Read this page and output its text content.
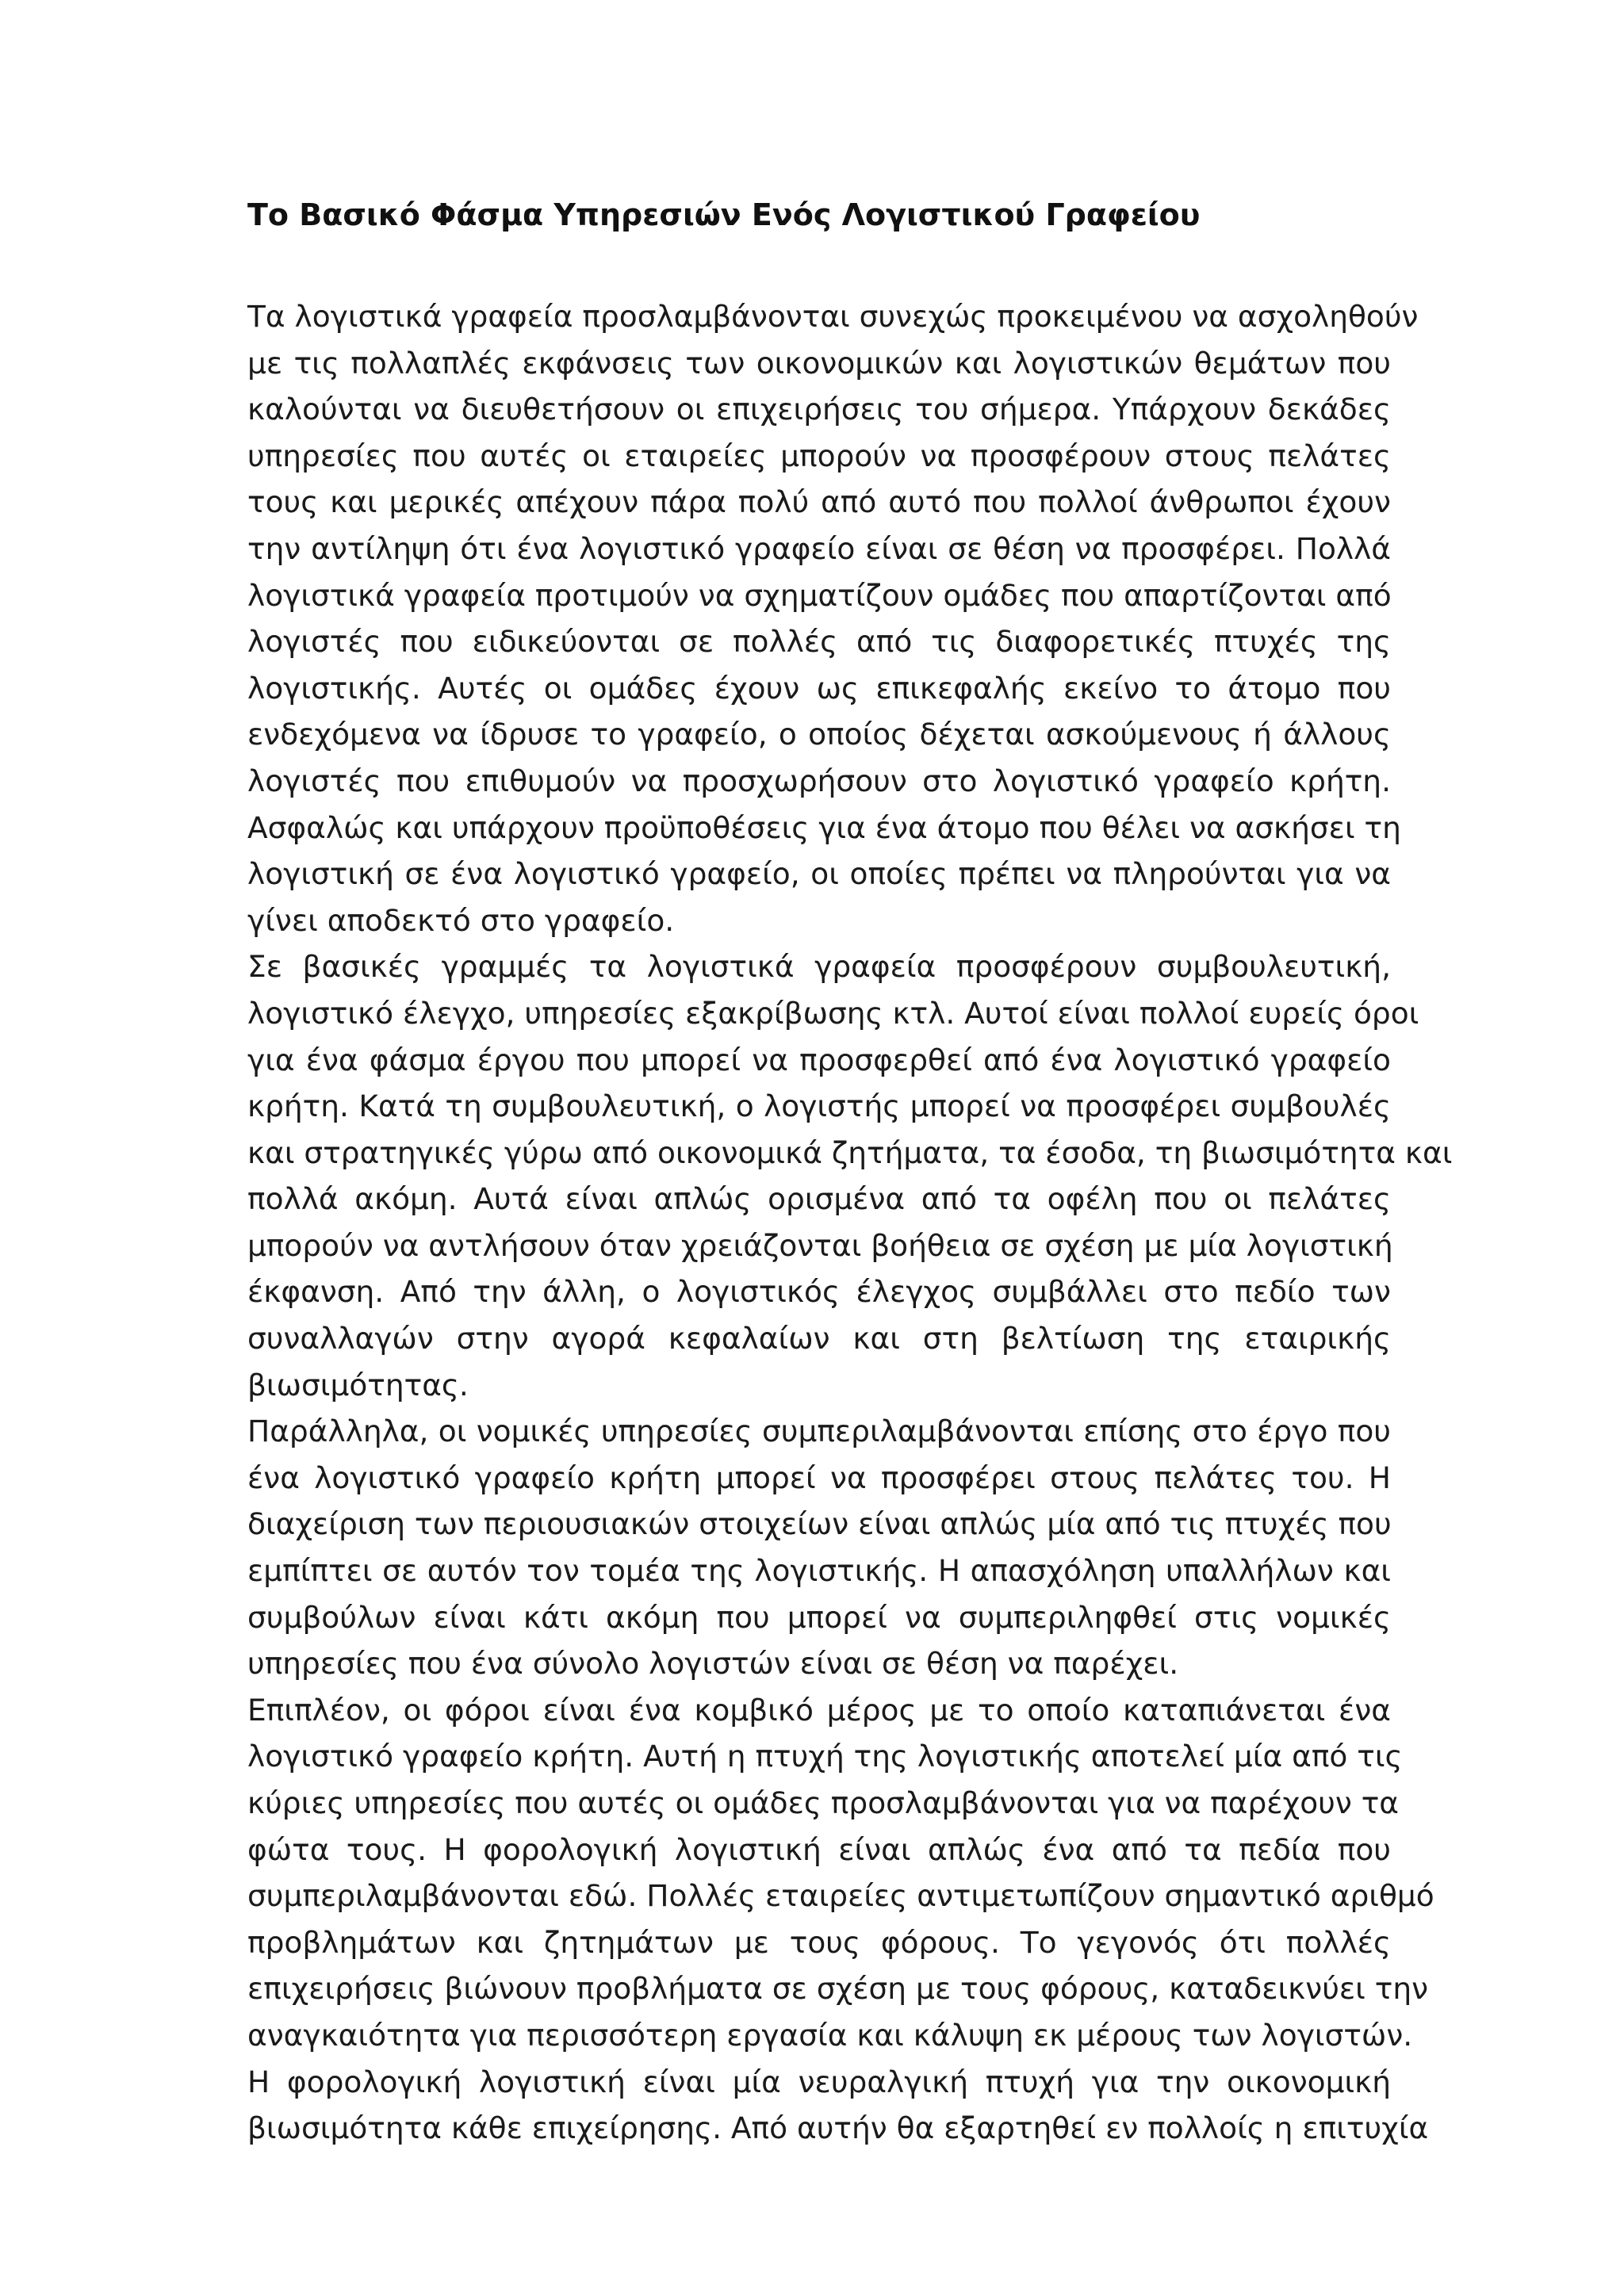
Το Βασικό Φάσμα Υπηρεσιών Ενός Λογιστικού Γραφείου
Τα λογιστικά γραφεία προσλαμβάνονται συνεχώς προκειμένου να ασχοληθούν
με τις πολλαπλές εκφάνσεις των οικονομικών και λογιστικών θεμάτων που
καλούνται να διευθετήσουν οι επιχειρήσεις του σήμερα. Υπάρχουν δεκάδες
υπηρεσίες που αυτές οι εταιρείες μπορούν να προσφέρουν στους πελάτες
τους και μερικές απέχουν πάρα πολύ από αυτό που πολλοί άνθρωποι έχουν
την αντίληψη ότι ένα λογιστικό γραφείο είναι σε θέση να προσφέρει. Πολλά
λογιστικά γραφεία προτιμούν να σχηματίζουν ομάδες που απαρτίζονται από
λογιστές που ειδικεύονται σε πολλές από τις διαφορετικές πτυχές της
λογιστικής. Αυτές οι ομάδες έχουν ως επικεφαλής εκείνο το άτομο που
ενδεχόμενα να ίδρυσε το γραφείο, ο οποίος δέχεται ασκούμενους ή άλλους
λογιστές που επιθυμούν να προσχωρήσουν στο λογιστικό γραφείο κρήτη.
Ασφαλώς και υπάρχουν προϋποθέσεις για ένα άτομο που θέλει να ασκήσει τη
λογιστική σε ένα λογιστικό γραφείο, οι οποίες πρέπει να πληρούνται για να
γίνει αποδεκτό στο γραφείο.
Σε βασικές γραμμές τα λογιστικά γραφεία προσφέρουν συμβουλευτική,
λογιστικό έλεγχο, υπηρεσίες εξακρίβωσης κτλ. Αυτοί είναι πολλοί ευρείς όροι
για ένα φάσμα έργου που μπορεί να προσφερθεί από ένα λογιστικό γραφείο
κρήτη. Κατά τη συμβουλευτική, ο λογιστής μπορεί να προσφέρει συμβουλές
και στρατηγικές γύρω από οικονομικά ζητήματα, τα έσοδα, τη βιωσιμότητα και
πολλά ακόμη. Αυτά είναι απλώς ορισμένα από τα οφέλη που οι πελάτες
μπορούν να αντλήσουν όταν χρειάζονται βοήθεια σε σχέση με μία λογιστική
έκφανση. Από την άλλη, ο λογιστικός έλεγχος συμβάλλει στο πεδίο των
συναλλαγών στην αγορά κεφαλαίων και στη βελτίωση της εταιρικής
βιωσιμότητας.
Παράλληλα, οι νομικές υπηρεσίες συμπεριλαμβάνονται επίσης στο έργο που
ένα λογιστικό γραφείο κρήτη μπορεί να προσφέρει στους πελάτες του. Η
διαχείριση των περιουσιακών στοιχείων είναι απλώς μία από τις πτυχές που
εμπίπτει σε αυτόν τον τομέα της λογιστικής. Η απασχόληση υπαλλήλων και
συμβούλων είναι κάτι ακόμη που μπορεί να συμπεριληφθεί στις νομικές
υπηρεσίες που ένα σύνολο λογιστών είναι σε θέση να παρέχει.
Επιπλέον, οι φόροι είναι ένα κομβικό μέρος με το οποίο καταπιάνεται ένα
λογιστικό γραφείο κρήτη. Αυτή η πτυχή της λογιστικής αποτελεί μία από τις
κύριες υπηρεσίες που αυτές οι ομάδες προσλαμβάνονται για να παρέχουν τα
φώτα τους. Η φορολογική λογιστική είναι απλώς ένα από τα πεδία που
συμπεριλαμβάνονται εδώ. Πολλές εταιρείες αντιμετωπίζουν σημαντικό αριθμό
προβλημάτων και ζητημάτων με τους φόρους. Το γεγονός ότι πολλές
επιχειρήσεις βιώνουν προβλήματα σε σχέση με τους φόρους, καταδεικνύει την
αναγκαιότητα για περισσότερη εργασία και κάλυψη εκ μέρους των λογιστών.
Η φορολογική λογιστική είναι μία νευραλγική πτυχή για την οικονομική
βιωσιμότητα κάθε επιχείρησης. Από αυτήν θα εξαρτηθεί εν πολλοίς η επιτυχία
